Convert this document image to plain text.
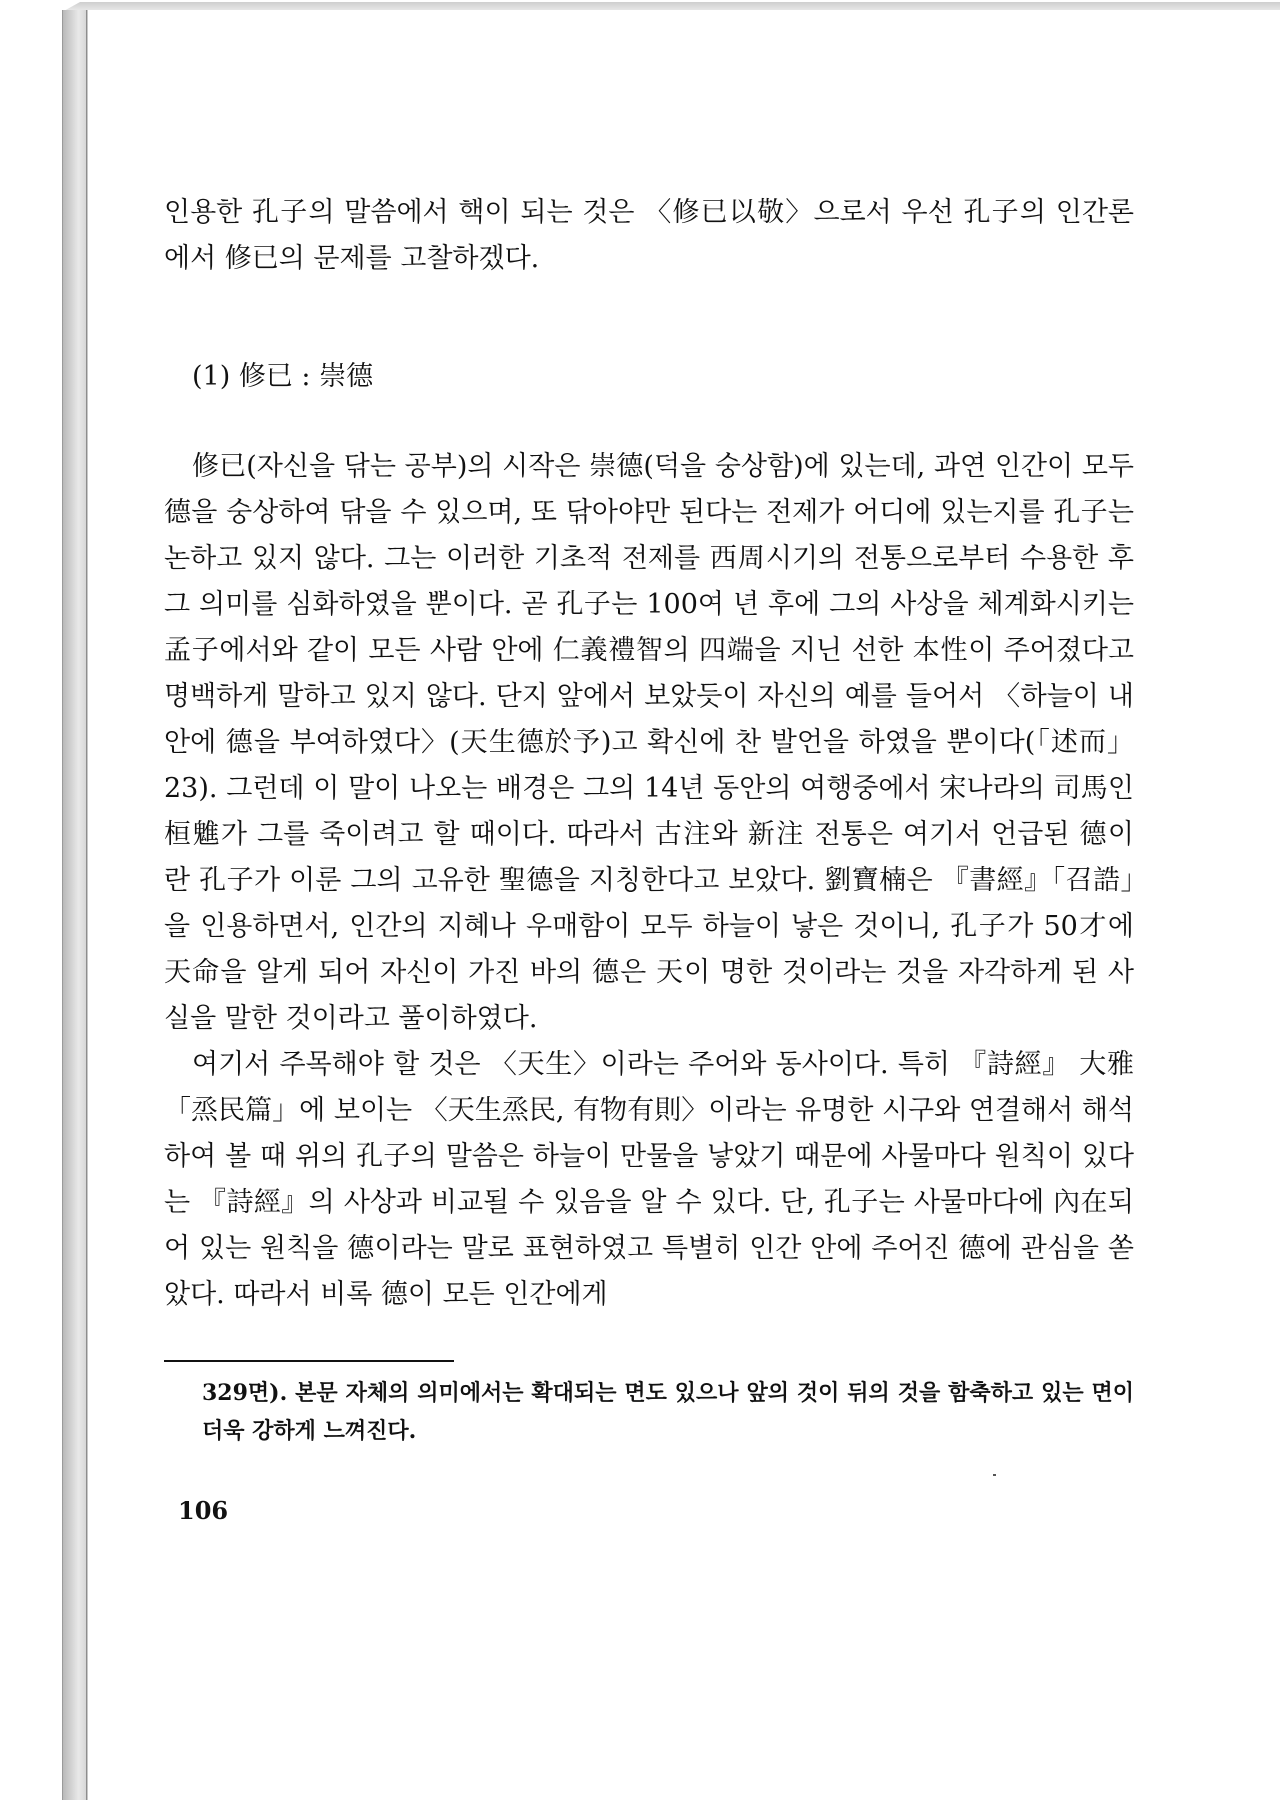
인용한 孔子의 말씀에서 핵이 되는 것은 〈修已以敬〉으로서 우선 孔子의 인간론에서 修已의 문제를 고찰하겠다.

(1) 修已 : 崇德

修已(자신을 닦는 공부)의 시작은 崇德(덕을 숭상함)에 있는데, 과연 인간이 모두 德을 숭상하여 닦을 수 있으며, 또 닦아야만 된다는 전제가 어디에 있는지를 孔子는 논하고 있지 않다. 그는 이러한 기초적 전제를 西周시기의 전통으로부터 수용한 후 그 의미를 심화하였을 뿐이다. 곧 孔子는 100여 년 후에 그의 사상을 체계화시키는 孟子에서와 같이 모든 사람 안에 仁義禮智의 四端을 지닌 선한 本性이 주어졌다고 명백하게 말하고 있지 않다. 단지 앞에서 보았듯이 자신의 예를 들어서 〈하늘이 내 안에 德을 부여하였다〉(天生德於予)고 확신에 찬 발언을 하였을 뿐이다(「述而」 23). 그런데 이 말이 나오는 배경은 그의 14년 동안의 여행중에서 宋나라의 司馬인 桓魋가 그를 죽이려고 할 때이다. 따라서 古注와 新注 전통은 여기서 언급된 德이란 孔子가 이룬 그의 고유한 聖德을 지칭한다고 보았다. 劉寶楠은 『書經』「召誥」을 인용하면서, 인간의 지혜나 우매함이 모두 하늘이 낳은 것이니, 孔子가 50才에 天命을 알게 되어 자신이 가진 바의 德은 天이 명한 것이라는 것을 자각하게 된 사실을 말한 것이라고 풀이하였다.

여기서 주목해야 할 것은 〈天生〉이라는 주어와 동사이다. 특히 『詩經』 大雅 「烝民篇」에 보이는 〈天生烝民, 有物有則〉이라는 유명한 시구와 연결해서 해석하여 볼 때 위의 孔子의 말씀은 하늘이 만물을 낳았기 때문에 사물마다 원칙이 있다는 『詩經』의 사상과 비교될 수 있음을 알 수 있다. 단, 孔子는 사물마다에 內在되어 있는 원칙을 德이라는 말로 표현하였고 특별히 인간 안에 주어진 德에 관심을 쏟았다. 따라서 비록 德이 모든 인간에게

329면). 본문 자체의 의미에서는 확대되는 면도 있으나 앞의 것이 뒤의 것을 함축하고 있는 면이 더욱 강하게 느껴진다.

106
